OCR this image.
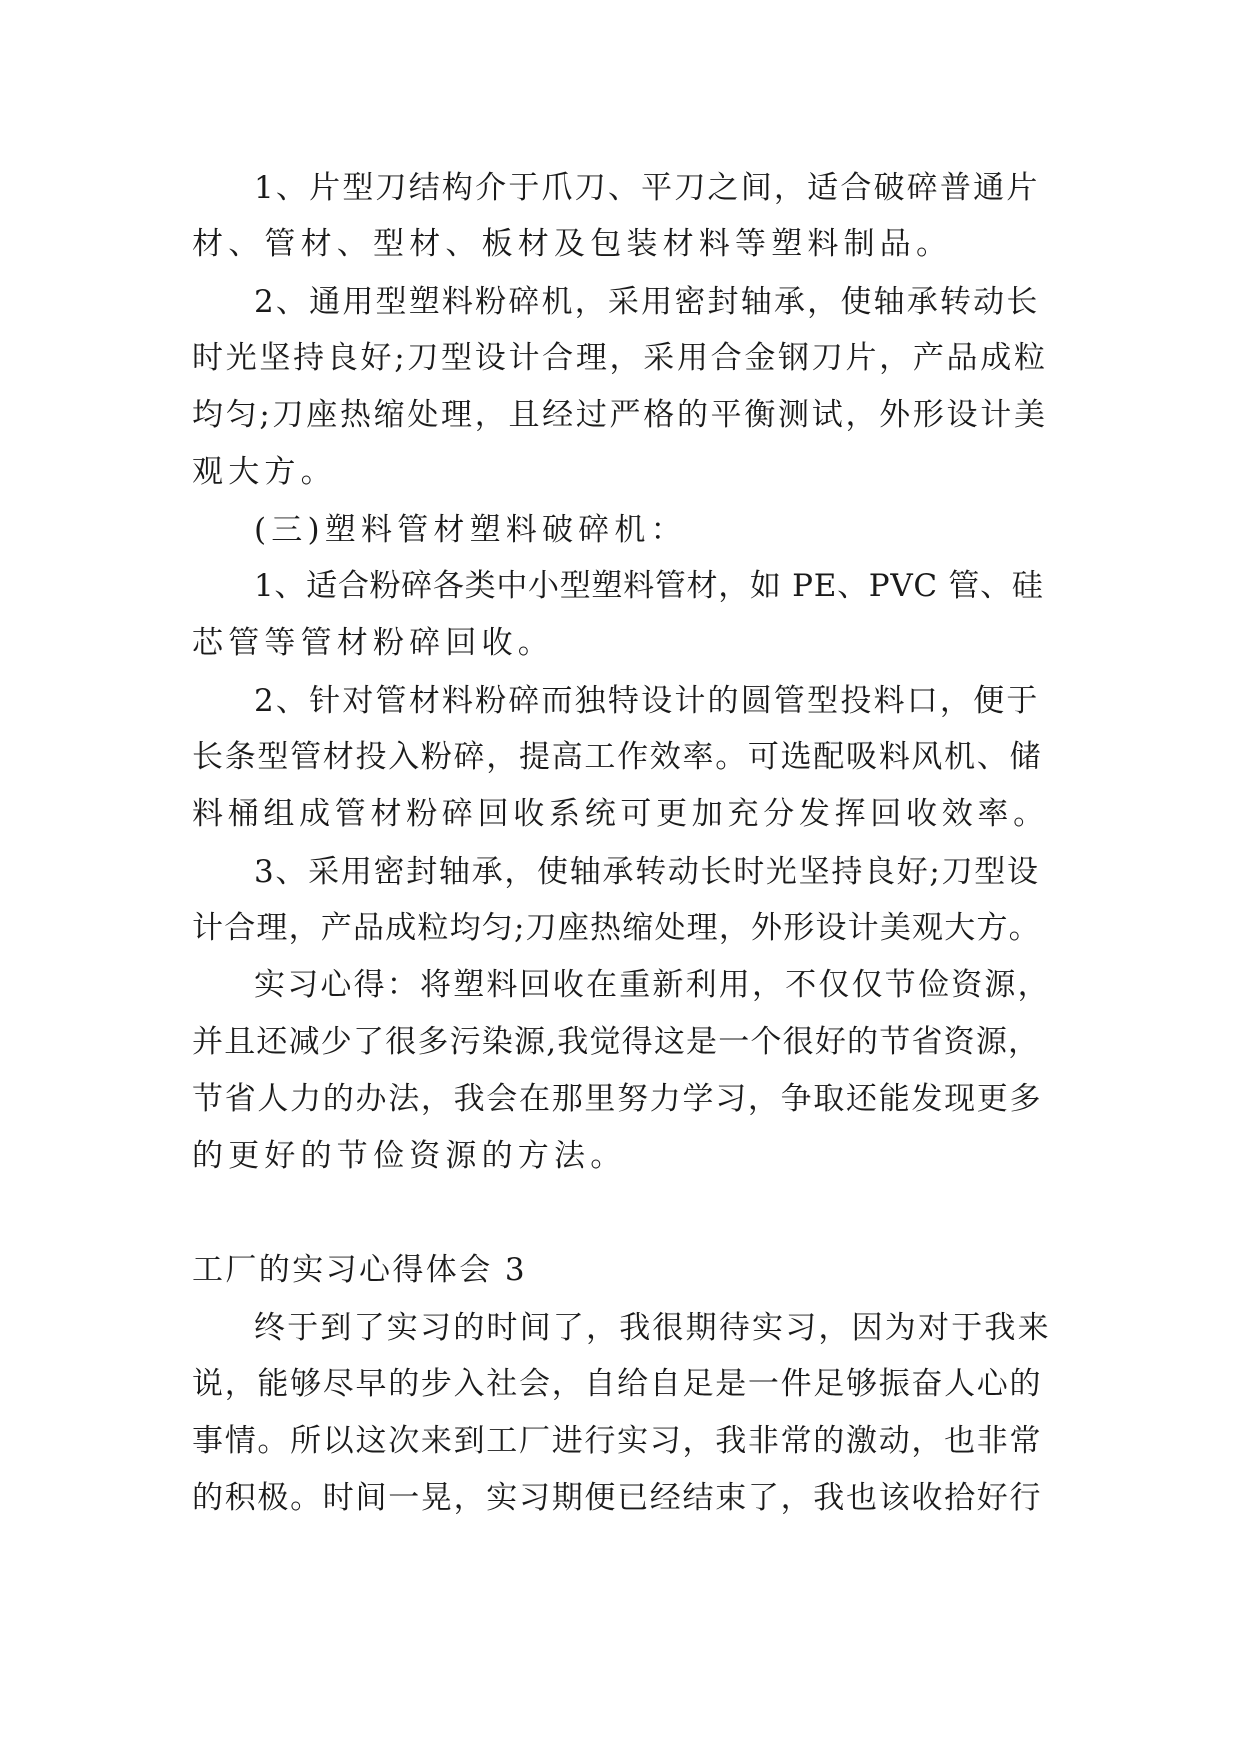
1、片型刀结构介于爪刀、平刀之间，适合破碎普通片
材、管材、型材、板材及包装材料等塑料制品。
2、通用型塑料粉碎机，采用密封轴承，使轴承转动长
时光坚持良好;刀型设计合理，采用合金钢刀片，产品成粒
均匀;刀座热缩处理，且经过严格的平衡测试，外形设计美
观大方。
(三)塑料管材塑料破碎机：
1、适合粉碎各类中小型塑料管材，如 PE、PVC 管、硅
芯管等管材粉碎回收。
2、针对管材料粉碎而独特设计的圆管型投料口，便于
长条型管材投入粉碎，提高工作效率。可选配吸料风机、储
料桶组成管材粉碎回收系统可更加充分发挥回收效率。
3、采用密封轴承，使轴承转动长时光坚持良好;刀型设
计合理，产品成粒均匀;刀座热缩处理，外形设计美观大方。
实习心得：将塑料回收在重新利用，不仅仅节俭资源，
并且还减少了很多污染源,我觉得这是一个很好的节省资源，
节省人力的办法，我会在那里努力学习，争取还能发现更多
的更好的节俭资源的方法。
工厂的实习心得体会 3
终于到了实习的时间了，我很期待实习，因为对于我来
说，能够尽早的步入社会，自给自足是一件足够振奋人心的
事情。所以这次来到工厂进行实习，我非常的激动，也非常
的积极。时间一晃，实习期便已经结束了，我也该收拾好行
